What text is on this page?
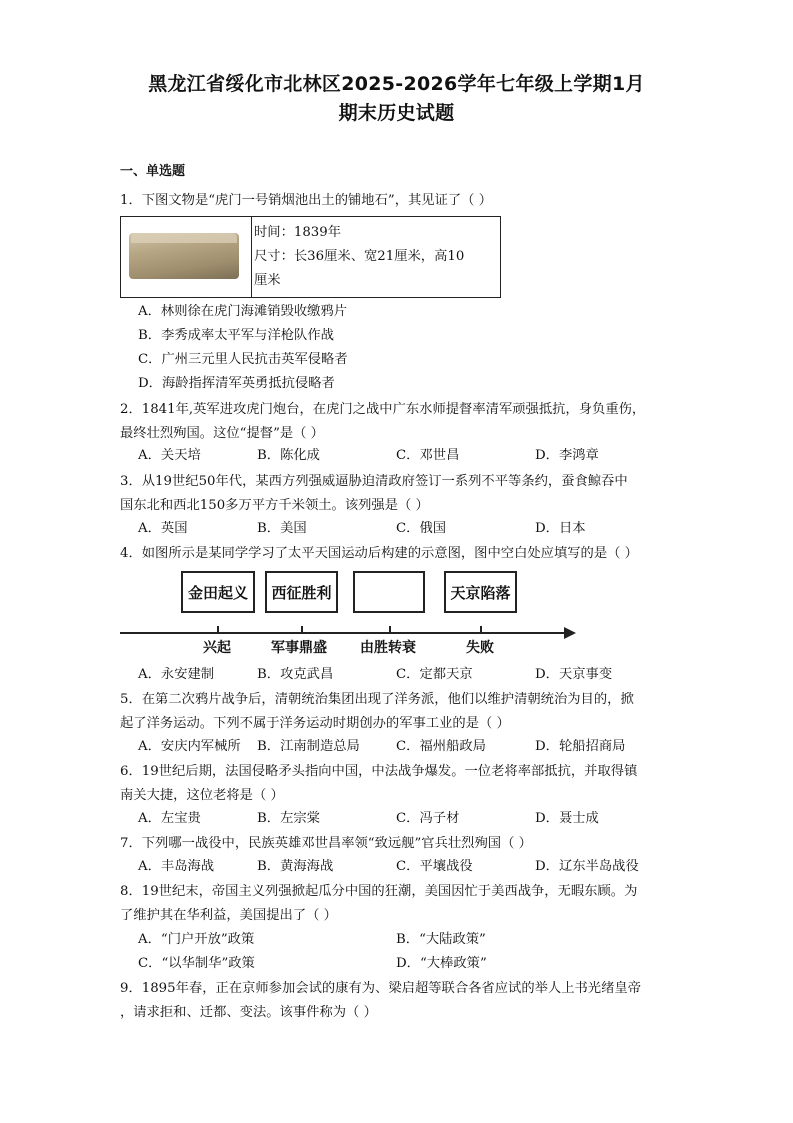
黑龙江省绥化市北林区2025-2026学年七年级上学期1月
期末历史试题
一、单选题
1．下图文物是“虎门一号销烟池出土的铺地石”，其见证了（ ）
时间：1839年
尺寸：长36厘米、宽21厘米，高10
厘米
A．林则徐在虎门海滩销毁收缴鸦片
B．李秀成率太平军与洋枪队作战
C．广州三元里人民抗击英军侵略者
D．海龄指挥清军英勇抵抗侵略者
2．1841年,英军进攻虎门炮台，在虎门之战中广东水师提督率清军顽强抵抗，身负重伤，
最终壮烈殉国。这位“提督”是（ ）
A．关天培	B．陈化成	C．邓世昌	D．李鸿章
3．从19世纪50年代，某西方列强威逼胁迫清政府签订一系列不平等条约，蚕食鲸吞中
国东北和西北150多万平方千米领土。该列强是（ ）
A．英国	B．美国	C．俄国	D．日本
4．如图所示是某同学学习了太平天国运动后构建的示意图，图中空白处应填写的是（ ）
金田起义	西征胜利	天京陷落
兴起	军事鼎盛 由胜转衰	失败
A．永安建制	B．攻克武昌	C．定都天京	D．天京事变
5．在第二次鸦片战争后，清朝统治集团出现了洋务派，他们以维护清朝统治为目的，掀
起了洋务运动。下列不属于洋务运动时期创办的军事工业的是（ ）
A．安庆内军械所 B．江南制造总局	C．福州船政局	D．轮船招商局
6．19世纪后期，法国侵略矛头指向中国，中法战争爆发。一位老将率部抵抗，并取得镇
南关大捷，这位老将是（ ）
A．左宝贵	B．左宗棠	C．冯子材	D．聂士成
7．下列哪一战役中，民族英雄邓世昌率领“致远舰”官兵壮烈殉国（ ）
A．丰岛海战	B．黄海海战	C．平壤战役	D．辽东半岛战役
8．19世纪末，帝国主义列强掀起瓜分中国的狂潮，美国因忙于美西战争，无暇东顾。为
了维护其在华利益，美国提出了（ ）
A．“门户开放”政策	B．“大陆政策”
C．“以华制华”政策	D．“大棒政策”
9．1895年春，正在京师参加会试的康有为、梁启超等联合各省应试的举人上书光绪皇帝
，请求拒和、迁都、变法。该事件称为（ ）
